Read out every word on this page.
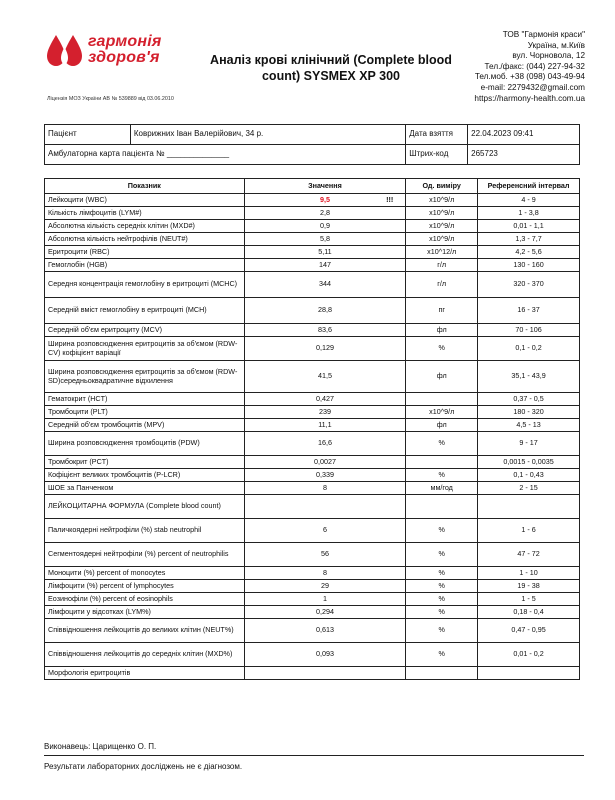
гармонія
здоров'я	Аналіз крові клінічний (Complete blood
count) SYSMEX XP 300
ТОВ "Гармонія краси"
Україна, м.Київ
вул. Чорновола, 12
Тел./факс: (044) 227-94-32
Тел.моб. +38 (098) 043-49-94
e-mail: 2279432@gmail.com
https://harmony-health.com.ua
Ліцензія МОЗ України АВ № 539889 від 03.06.2010
Пацієнт	Коврижних Іван Валерійович, 34 р.	Дата взяття	22.04.2023 09:41
Амбулаторна карта пацієнта № ______________		Штрих-код	265723
Показник	Значення	Од. виміру	Референсний інтервал
Лейкоцити (WBC)	9,5 !!!	x10^9/л	4 - 9
Кількість лімфоцитів (LYM#)	2,8	x10^9/л	1 - 3,8
Абсолютна кількість середніх клітин (MXD#)	0,9	x10^9/л	0,01 - 1,1
Абсолютна кількість нейтрофілів (NEUT#)	5,8	x10^9/л	1,3 - 7,7
Еритроцити (RBC)	5,11	x10^12/л	4,2 - 5,6
Гемоглобін (HGB)	147	г/л	130 - 160
Середня концентрація гемоглобіну в еритроциті (MCHC)	344	г/л	320 - 370
Середній вміст гемоглобіну в еритроциті (MCH)	28,8	пг	16 - 37
Середній об'єм еритроциту (MCV)	83,6	фл	70 - 106
Ширина розповсюдження еритроцитів за об'ємом (RDW-CV) кофіцієнт варіації	0,129	%	0,1 - 0,2
Ширина розповсюдження еритроцитів за об'ємом (RDW-SD)середньоквадратичне відхилення	41,5	фл	35,1 - 43,9
Гематокрит (HCT)	0,427		0,37 - 0,5
Тромбоцити (PLT)	239	x10^9/л	180 - 320
Середній об'єм тромбоцитів (MPV)	11,1	фл	4,5 - 13
Ширина розповсюдження тромбоцитів (PDW)	16,6	%	9 - 17
Тромбокрит (PCT)	0,0027		0,0015 - 0,0035
Кофіцієнт великих тромбоцитів (P-LCR)	0,339	%	0,1 - 0,43
ШОЕ за Панченком	8	мм/год	2 - 15
ЛЕЙКОЦИТАРНА ФОРМУЛА (Complete blood count)			
Паличкоядерні нейтрофіли (%) stab neutrophil	6	%	1 - 6
Сегментоядерні нейтрофіли (%) percent of neutrophilis	56	%	47 - 72
Моноцити (%) percent of monocytes	8	%	1 - 10
Лімфоцити (%) percent of lymphocytes	29	%	19 - 38
Еозинофіли (%) percent of eosinophils	1	%	1 - 5
Лімфоцити у відсотках (LYM%)	0,294	%	0,18 - 0,4
Співвідношення лейкоцитів до великих клітин (NEUT%)	0,613	%	0,47 - 0,95
Співвідношення лейкоцитів до середніх клітин (MXD%)	0,093	%	0,01 - 0,2
Морфологія еритроцитів			
Виконавець: Царищенко О. П.
Результати лабораторних досліджень не є діагнозом.
